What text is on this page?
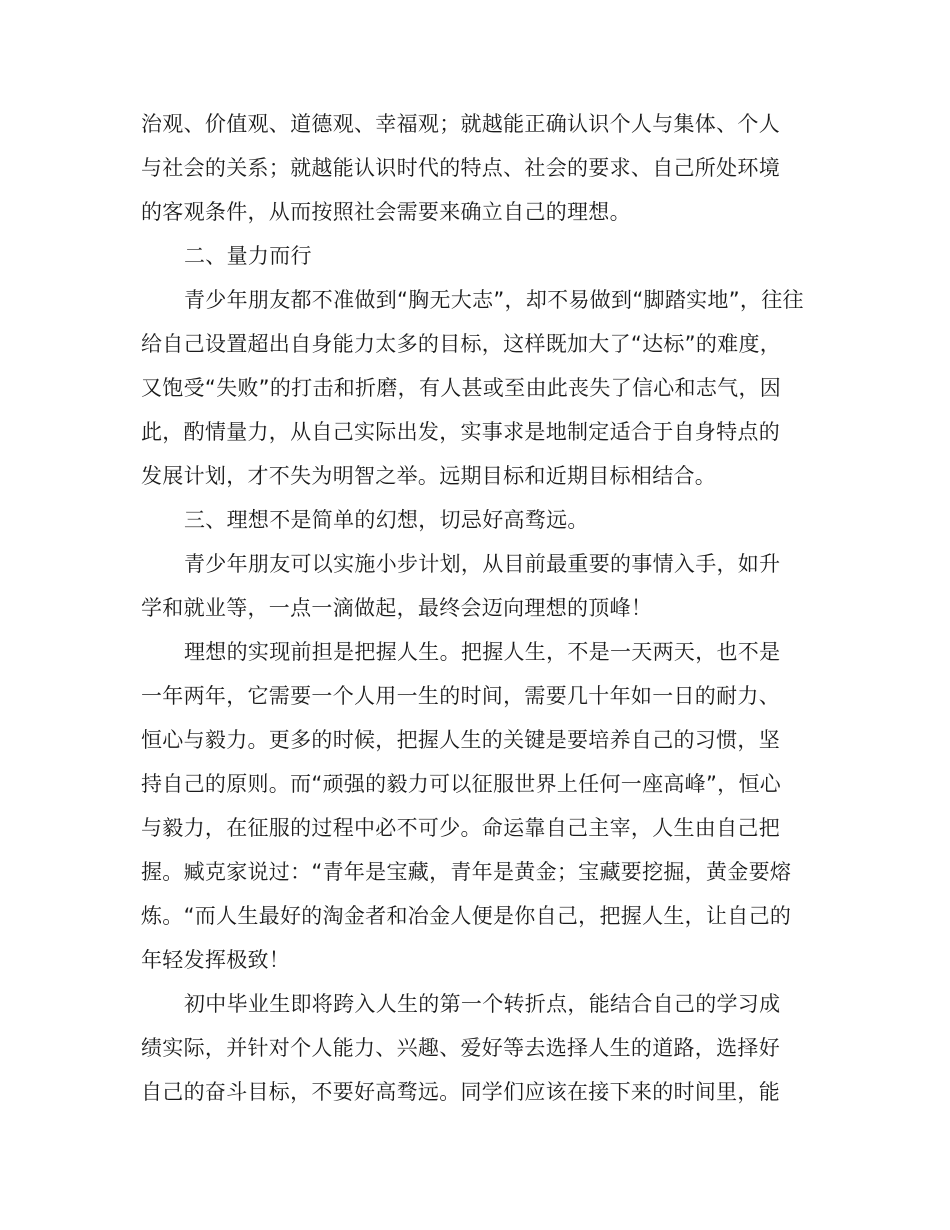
治观、价值观、道德观、幸福观；就越能正确认识个人与集体、个人
与社会的关系；就越能认识时代的特点、社会的要求、自己所处环境
的客观条件，从而按照社会需要来确立自己的理想。
二、量力而行
青少年朋友都不准做到“胸无大志”，却不易做到“脚踏实地”，往往
给自己设置超出自身能力太多的目标，这样既加大了“达标”的难度，
又饱受“失败”的打击和折磨，有人甚或至由此丧失了信心和志气，因
此，酌情量力，从自己实际出发，实事求是地制定适合于自身特点的
发展计划，才不失为明智之举。远期目标和近期目标相结合。
三、理想不是简单的幻想，切忌好高骛远。
青少年朋友可以实施小步计划，从目前最重要的事情入手，如升
学和就业等，一点一滴做起，最终会迈向理想的顶峰！
理想的实现前担是把握人生。把握人生，不是一天两天，也不是
一年两年，它需要一个人用一生的时间，需要几十年如一日的耐力、
恒心与毅力。更多的时候，把握人生的关键是要培养自己的习惯，坚
持自己的原则。而“顽强的毅力可以征服世界上任何一座高峰”，恒心
与毅力，在征服的过程中必不可少。命运靠自己主宰，人生由自己把
握。臧克家说过：“青年是宝藏，青年是黄金；宝藏要挖掘，黄金要熔
炼。“而人生最好的淘金者和冶金人便是你自己，把握人生，让自己的
年轻发挥极致！
初中毕业生即将跨入人生的第一个转折点，能结合自己的学习成
绩实际，并针对个人能力、兴趣、爱好等去选择人生的道路，选择好
自己的奋斗目标，不要好高骛远。同学们应该在接下来的时间里，能
